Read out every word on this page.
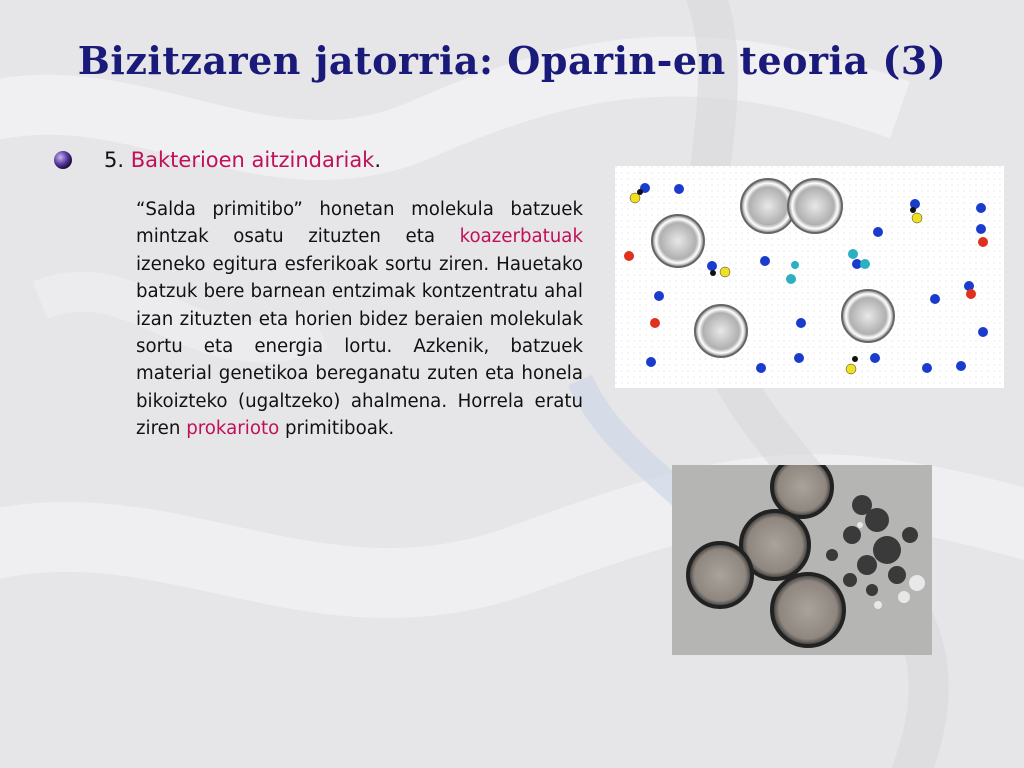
Bizitzaren jatorria: Oparin-en teoria (3)
5. Bakterioen aitzindariak.
“Salda primitibo” honetan molekula batzuek mintzak osatu zituzten eta koazerbatuak izeneko egitura esferikoak sortu ziren. Hauetako batzuk bere barnean entzimak kontzentratu ahal izan zituzten eta horien bidez beraien molekulak sortu eta energia lortu. Azkenik, batzuek material genetikoa bereganatu zuten eta honela bikoizteko (ugaltzeko) ahalmena. Horrela eratu ziren prokarioto primitiboak.
